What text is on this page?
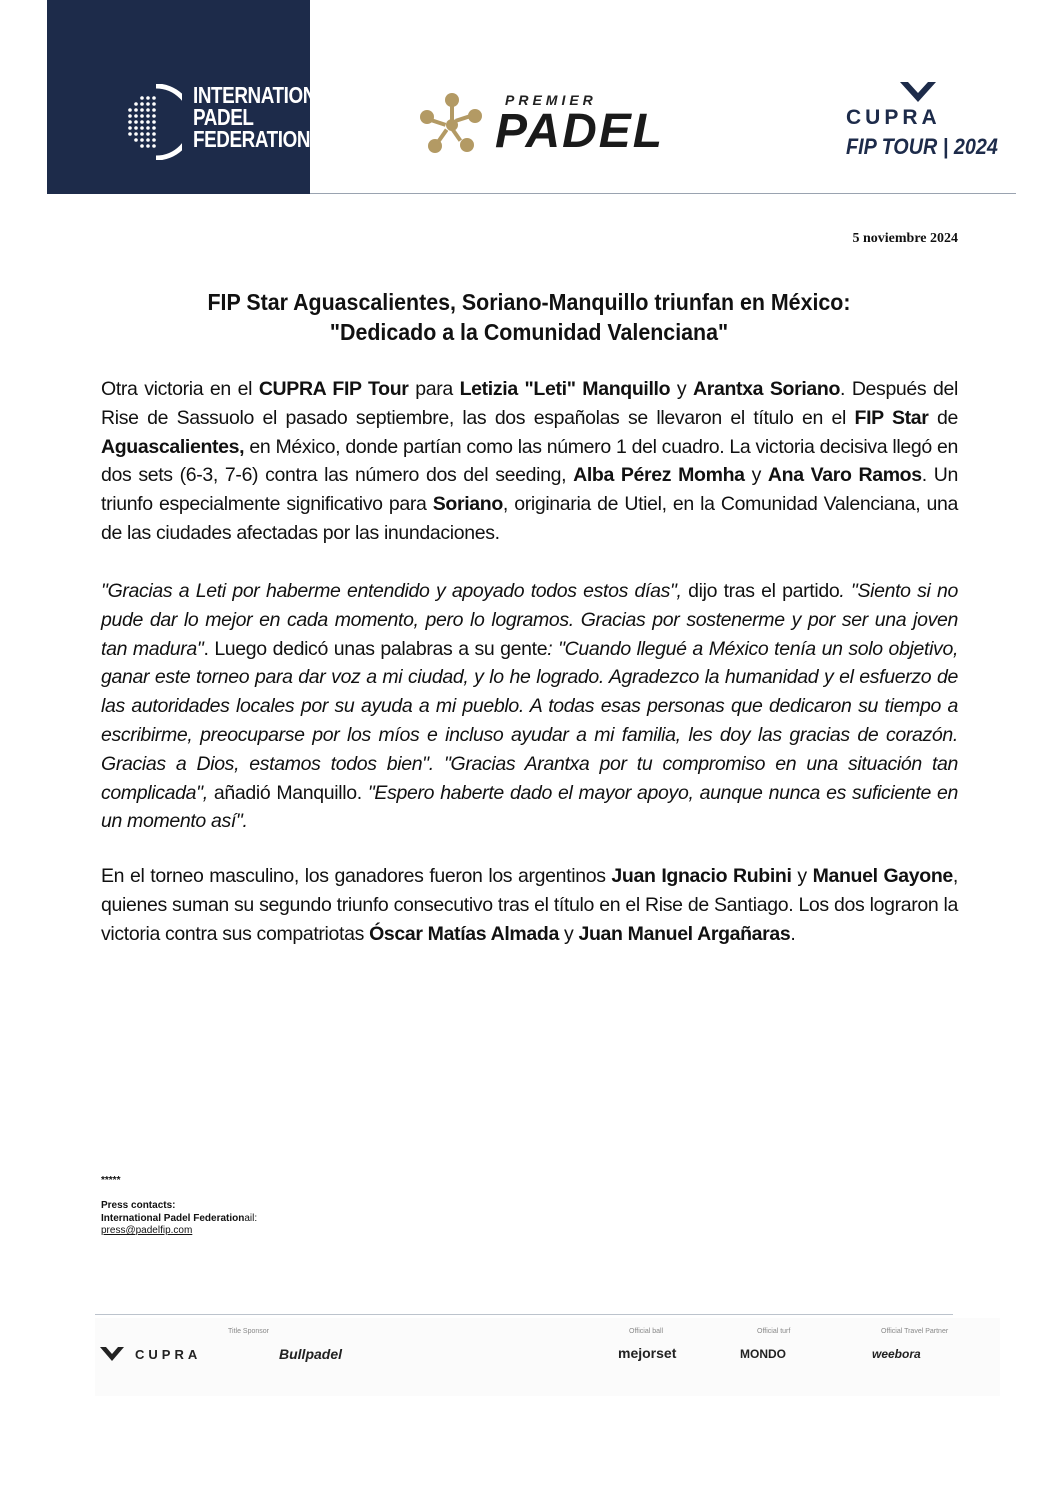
INTERNATIONAL
PADEL
FEDERATION
PREMIER
PADEL	CUPRA
FIP TOUR | 2024
5 noviembre 2024
FIP Star Aguascalientes, Soriano-Manquillo triunfan en México:
"Dedicado a la Comunidad Valenciana"
Otra victoria en el CUPRA FIP Tour para Letizia "Leti" Manquillo y Arantxa Soriano. Después del Rise de Sassuolo el pasado septiembre, las dos españolas se llevaron el título en el FIP Star de Aguascalientes, en México, donde partían como las número 1 del cuadro. La victoria decisiva llegó en dos sets (6-3, 7-6) contra las número dos del seeding, Alba Pérez Momha y Ana Varo Ramos. Un triunfo especialmente significativo para Soriano, originaria de Utiel, en la Comunidad Valenciana, una de las ciudades afectadas por las inundaciones.
"Gracias a Leti por haberme entendido y apoyado todos estos días", dijo tras el partido. "Siento si no pude dar lo mejor en cada momento, pero lo logramos. Gracias por sostenerme y por ser una joven tan madura". Luego dedicó unas palabras a su gente: "Cuando llegué a México tenía un solo objetivo, ganar este torneo para dar voz a mi ciudad, y lo he logrado. Agradezco la humanidad y el esfuerzo de las autoridades locales por su ayuda a mi pueblo. A todas esas personas que dedicaron su tiempo a escribirme, preocuparse por los míos e incluso ayudar a mi familia, les doy las gracias de corazón. Gracias a Dios, estamos todos bien". "Gracias Arantxa por tu compromiso en una situación tan complicada", añadió Manquillo. "Espero haberte dado el mayor apoyo, aunque nunca es suficiente en un momento así".
En el torneo masculino, los ganadores fueron los argentinos Juan Ignacio Rubini y Manuel Gayone, quienes suman su segundo triunfo consecutivo tras el título en el Rise de Santiago. Los dos lograron la victoria contra sus compatriotas Óscar Matías Almada y Juan Manuel Argañaras.
*****
Press contacts:
International Padel Federationail:
press@padelfip.com
Title Sponsor
CUPRA	Bullpadel
Official ball
mejorset
Official turf
MONDO
Official Travel Partner
weebora
